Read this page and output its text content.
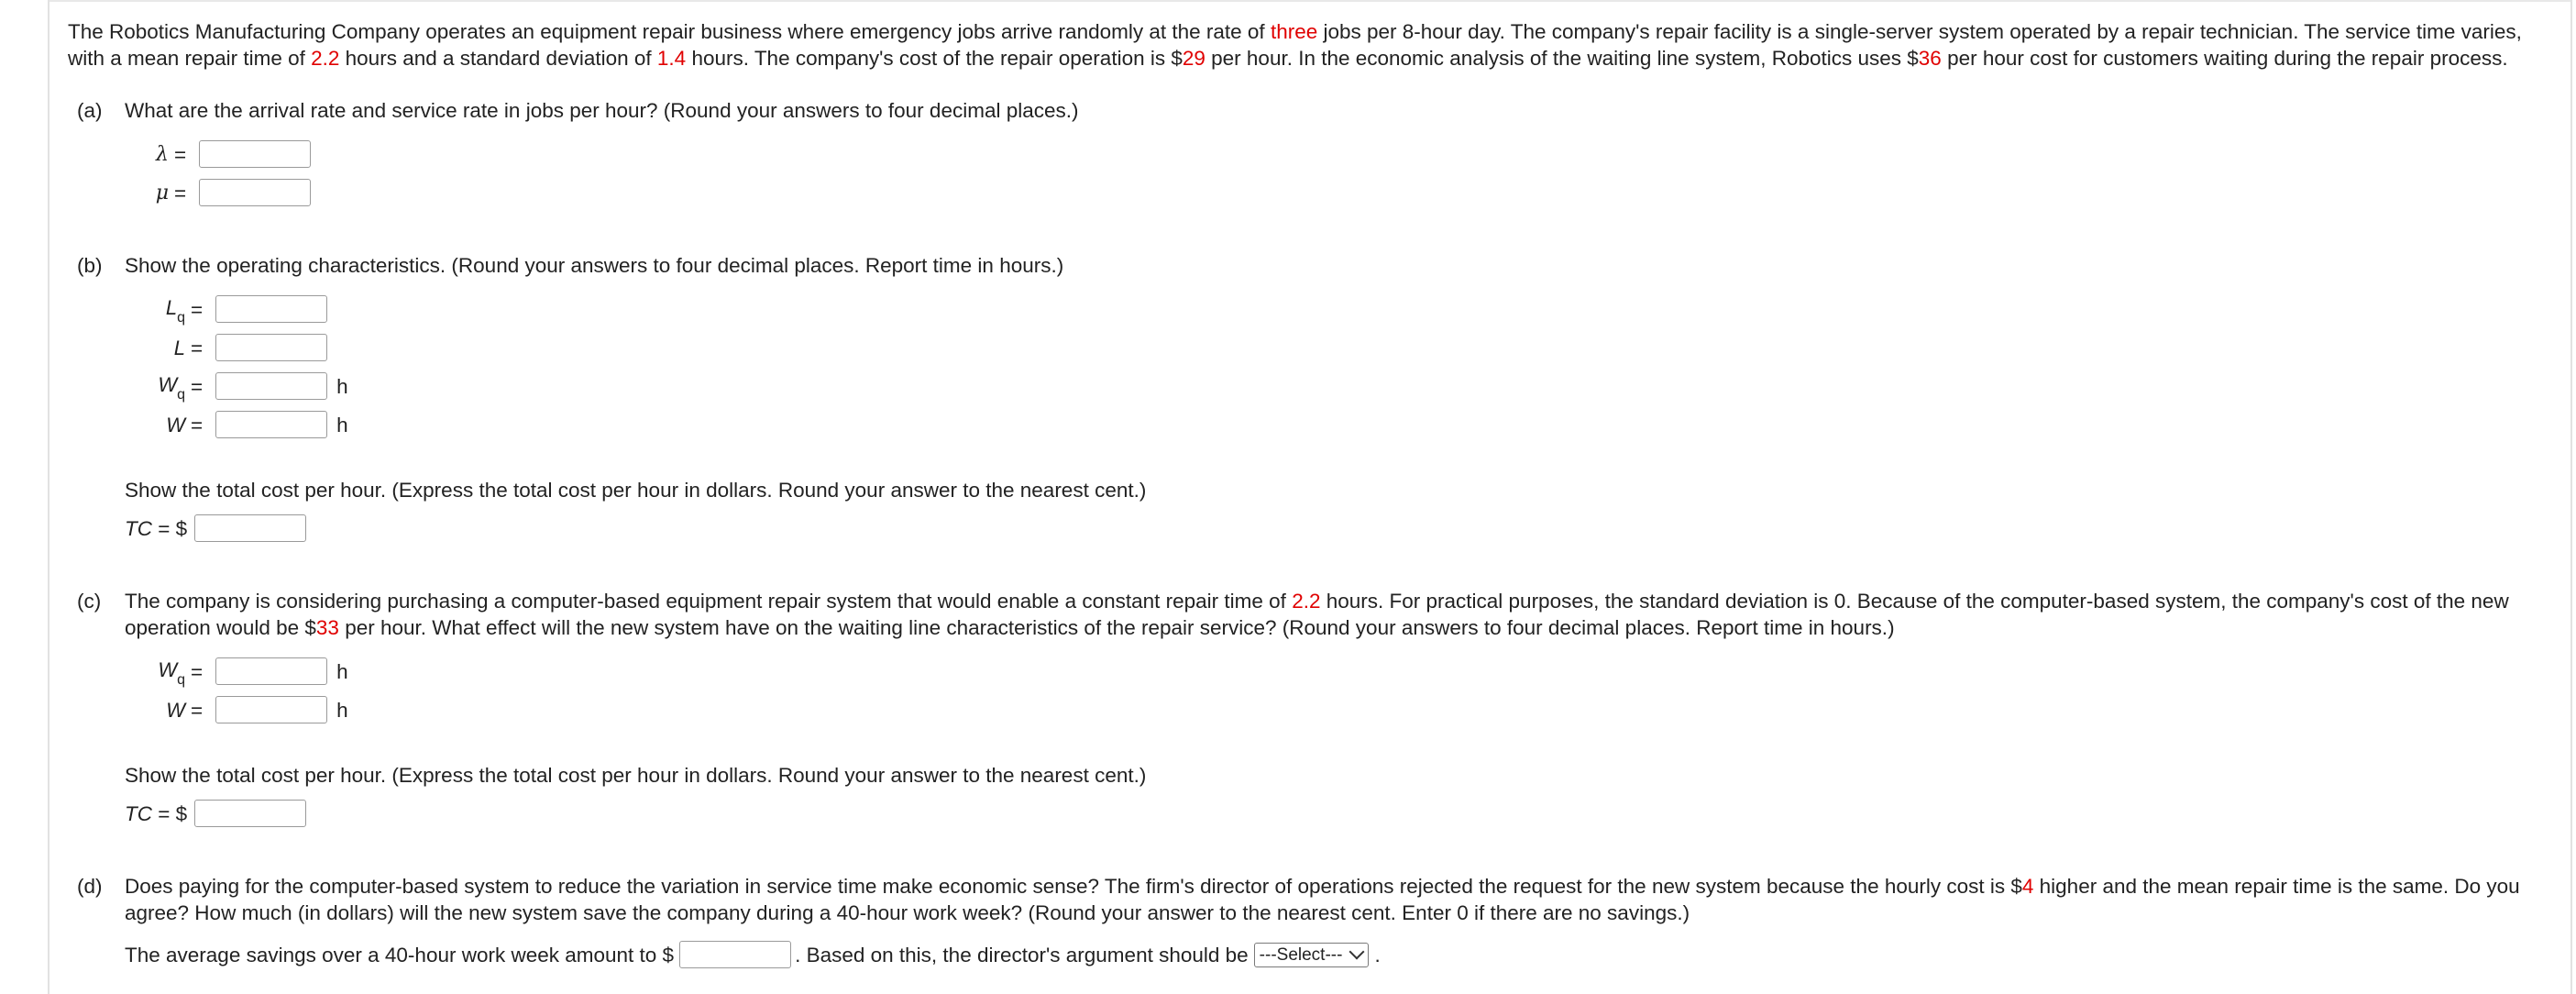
The Robotics Manufacturing Company operates an equipment repair business where emergency jobs arrive randomly at the rate of three jobs per 8-hour day. The company's repair facility is a single-server system operated by a repair technician. The service time varies, with a mean repair time of 2.2 hours and a standard deviation of 1.4 hours. The company's cost of the repair operation is $29 per hour. In the economic analysis of the waiting line system, Robotics uses $36 per hour cost for customers waiting during the repair process.

(a) What are the arrival rate and service rate in jobs per hour? (Round your answers to four decimal places.)

λ =
μ =
(b) Show the operating characteristics. (Round your answers to four decimal places. Report time in hours.)

$L_q$ =
L =
$W_q$ =	h
W =	h

Show the total cost per hour. (Express the total cost per hour in dollars. Round your answer to the nearest cent.)

TC = $
(c) The company is considering purchasing a computer-based equipment repair system that would enable a constant repair time of 2.2 hours. For practical purposes, the standard deviation is 0. Because of the computer-based system, the company's cost of the new operation would be $33 per hour. What effect will the new system have on the waiting line characteristics of the repair service? (Round your answers to four decimal places. Report time in hours.)

$W_q$ =	h
W =	h

Show the total cost per hour. (Express the total cost per hour in dollars. Round your answer to the nearest cent.)

TC = $
(d) Does paying for the computer-based system to reduce the variation in service time make economic sense? The firm's director of operations rejected the request for the new system because the hourly cost is $4 higher and the mean repair time is the same. Do you agree? How much (in dollars) will the new system save the company during a 40-hour work week? (Round your answer to the nearest cent. Enter 0 if there are no savings.)

The average savings over a 40-hour work week amount to $	. Based on this, the director's argument should be ---Select--- .
